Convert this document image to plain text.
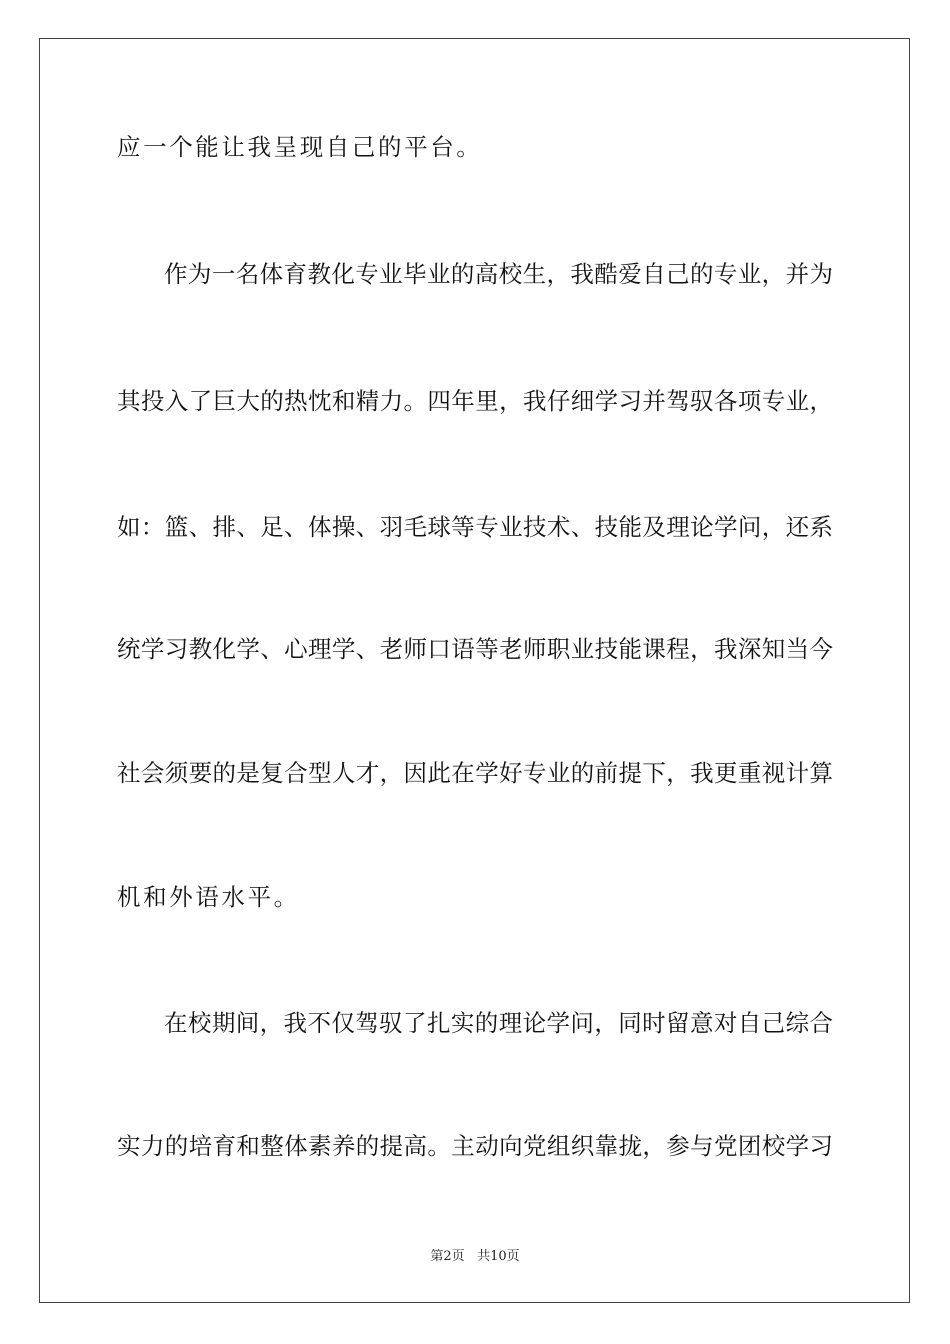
应一个能让我呈现自己的平台。
作为一名体育教化专业毕业的高校生，我酷爱自己的专业，并为
其投入了巨大的热忱和精力。四年里，我仔细学习并驾驭各项专业，
如：篮、排、足、体操、羽毛球等专业技术、技能及理论学问，还系
统学习教化学、心理学、老师口语等老师职业技能课程，我深知当今
社会须要的是复合型人才，因此在学好专业的前提下，我更重视计算
机和外语水平。
在校期间，我不仅驾驭了扎实的理论学问，同时留意对自己综合
实力的培育和整体素养的提高。主动向党组织靠拢，参与党团校学习
第2页 共10页
